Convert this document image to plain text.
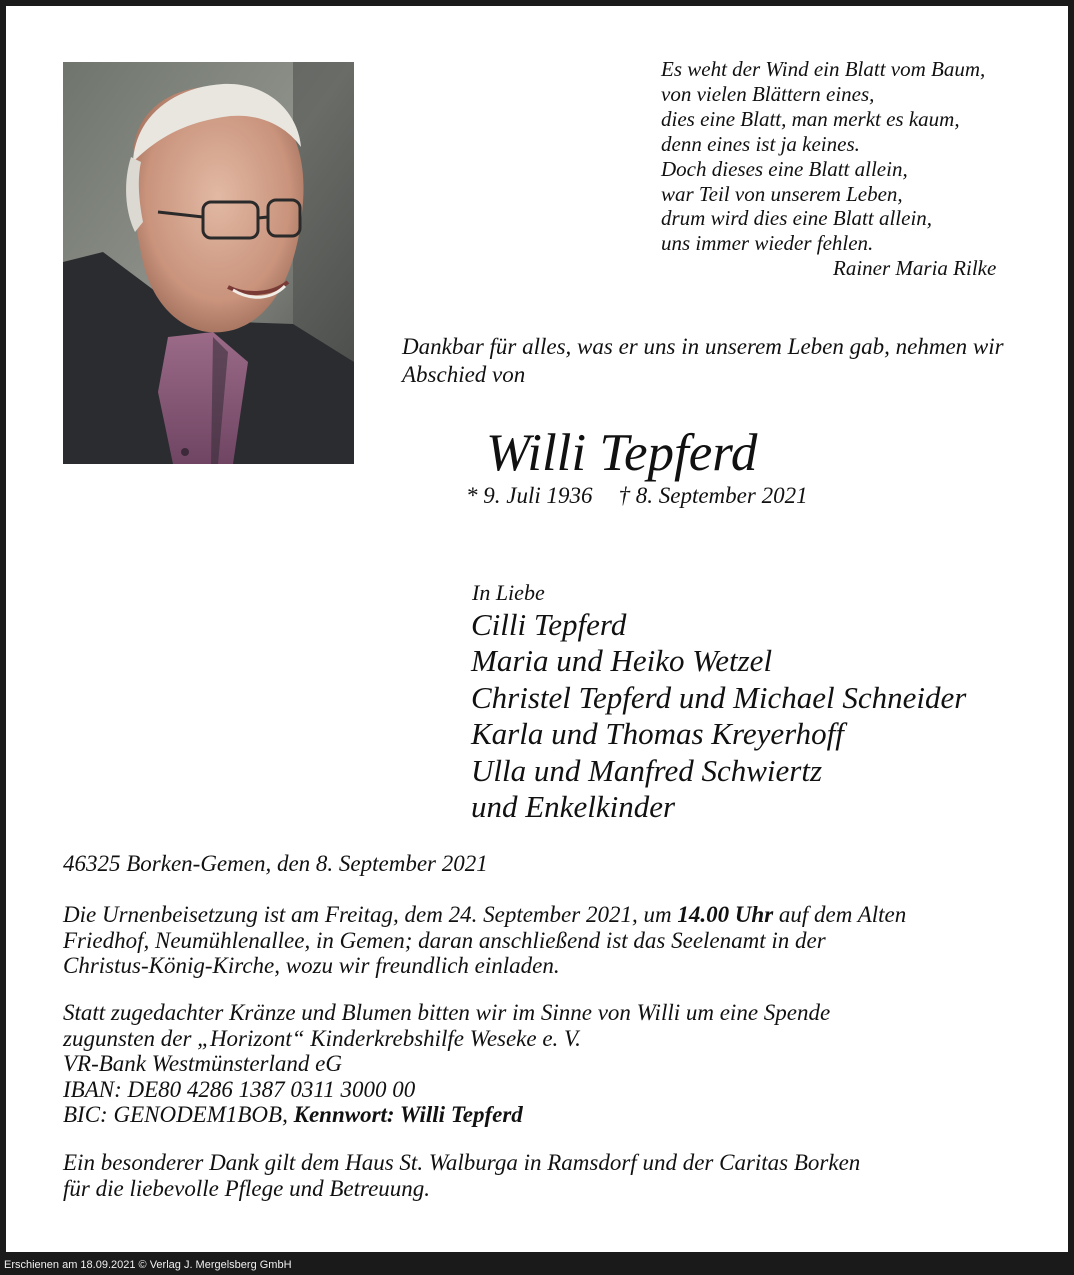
Es weht der Wind ein Blatt vom Baum,
von vielen Blättern eines,
dies eine Blatt, man merkt es kaum,
denn eines ist ja keines.
Doch dieses eine Blatt allein,
war Teil von unserem Leben,
drum wird dies eine Blatt allein,
uns immer wieder fehlen.
Rainer Maria Rilke
Dankbar für alles, was er uns in unserem Leben gab, nehmen wir Abschied von
Willi Tepferd
* 9. Juli 1936 † 8. September 2021
In Liebe
Cilli Tepferd
Maria und Heiko Wetzel
Christel Tepferd und Michael Schneider
Karla und Thomas Kreyerhoff
Ulla und Manfred Schwiertz
und Enkelkinder
46325 Borken-Gemen, den 8. September 2021
Die Urnenbeisetzung ist am Freitag, dem 24. September 2021, um 14.00 Uhr auf dem Alten
Friedhof, Neumühlenallee, in Gemen; daran anschließend ist das Seelenamt in der
Christus-König-Kirche, wozu wir freundlich einladen.
Statt zugedachter Kränze und Blumen bitten wir im Sinne von Willi um eine Spende
zugunsten der „Horizont“ Kinderkrebshilfe Weseke e. V.
VR-Bank Westmünsterland eG
IBAN: DE80 4286 1387 0311 3000 00
BIC: GENODEM1BOB, Kennwort: Willi Tepferd
Ein besonderer Dank gilt dem Haus St. Walburga in Ramsdorf und der Caritas Borken
für die liebevolle Pflege und Betreuung.
Erschienen am 18.09.2021 © Verlag J. Mergelsberg GmbH
